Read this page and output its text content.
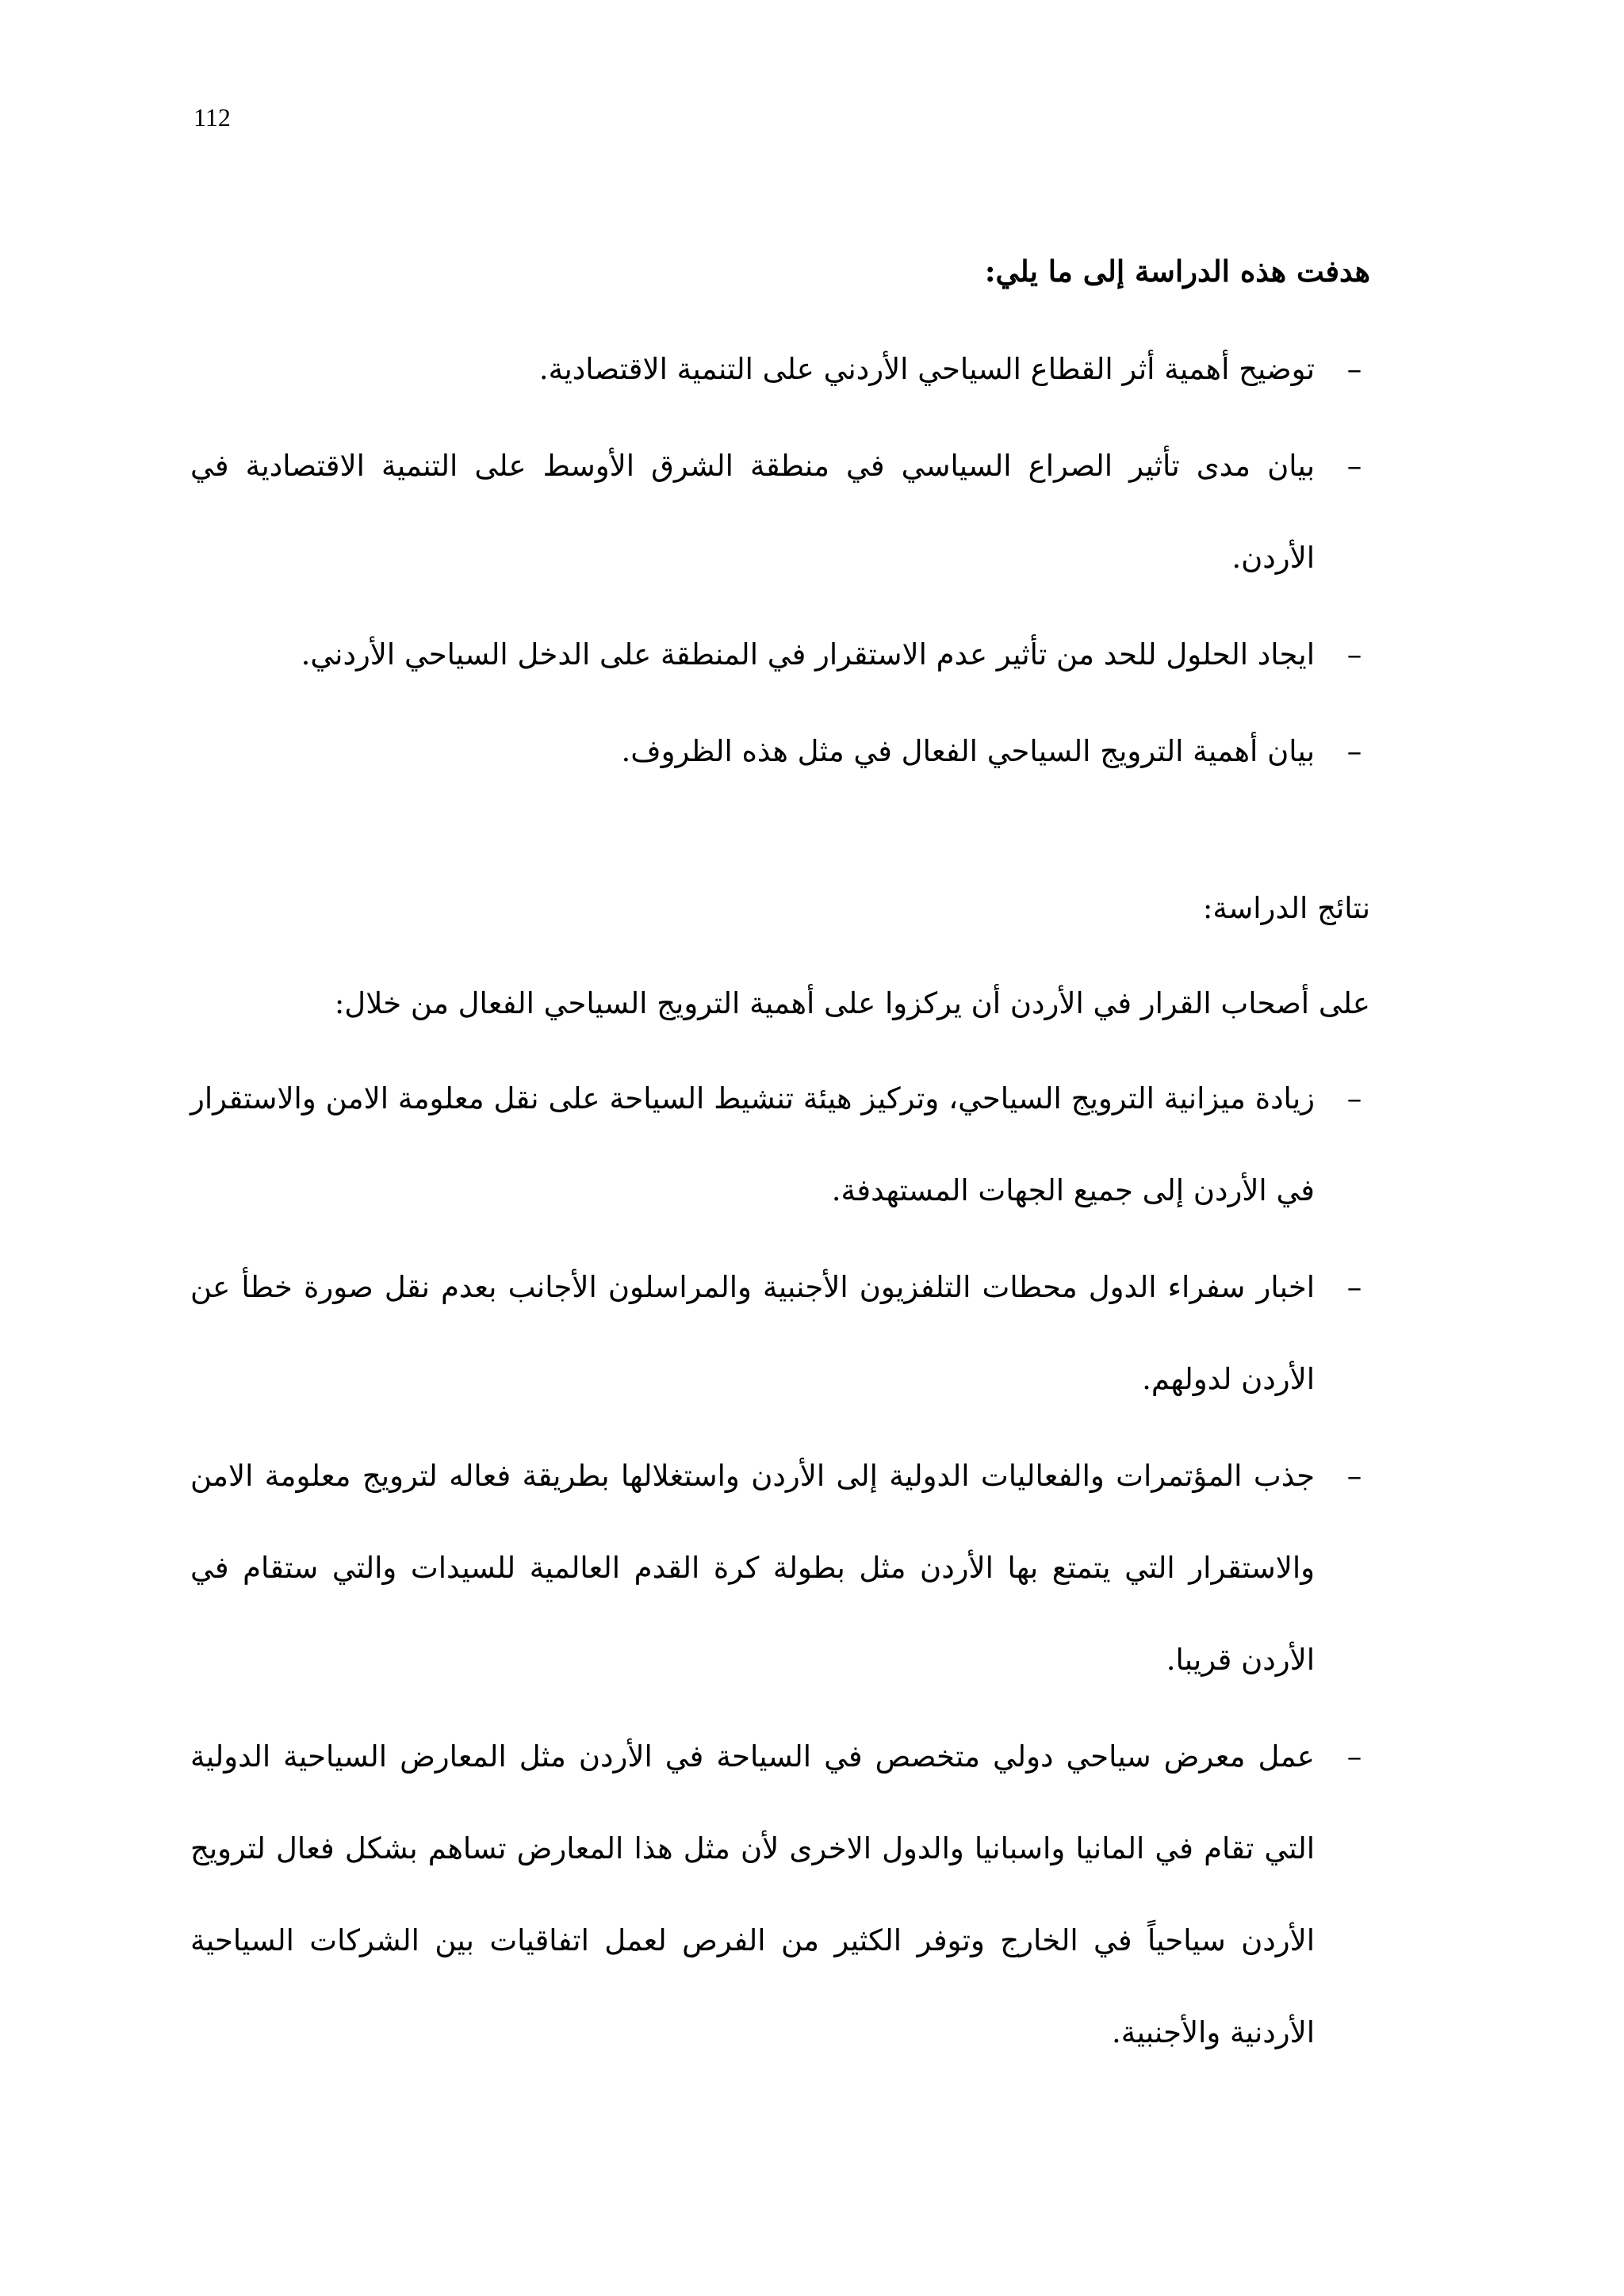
112

هدفت هذه الدراسة إلى ما يلي:

–
توضيح أهمية أثر القطاع السياحي الأردني على التنمية الاقتصادية.

–
بيان مدى تأثير الصراع السياسي في منطقة الشرق الأوسط على التنمية الاقتصادية في الأردن.

–
ايجاد الحلول للحد من تأثير عدم الاستقرار في المنطقة على الدخل السياحي الأردني.

–
بيان أهمية الترويج السياحي الفعال في مثل هذه الظروف.

نتائج الدراسة:

على أصحاب القرار في الأردن أن يركزوا على أهمية الترويج السياحي الفعال من خلال:

–
زيادة ميزانية الترويج السياحي، وتركيز هيئة تنشيط السياحة على نقل معلومة الامن والاستقرار في الأردن إلى جميع الجهات المستهدفة.

–
اخبار سفراء الدول محطات التلفزيون الأجنبية والمراسلون الأجانب بعدم نقل صورة خطأ عن الأردن لدولهم.

–
جذب المؤتمرات والفعاليات الدولية إلى الأردن واستغلالها بطريقة فعاله لترويج معلومة الامن والاستقرار التي يتمتع بها الأردن مثل بطولة كرة القدم العالمية للسيدات والتي ستقام في الأردن قريبا.

–
عمل معرض سياحي دولي متخصص في السياحة في الأردن مثل المعارض السياحية الدولية التي تقام في المانيا واسبانيا والدول الاخرى لأن مثل هذا المعارض تساهم بشكل فعال لترويج الأردن سياحياً في الخارج وتوفر الكثير من الفرص لعمل اتفاقيات بين الشركات السياحية الأردنية والأجنبية.
